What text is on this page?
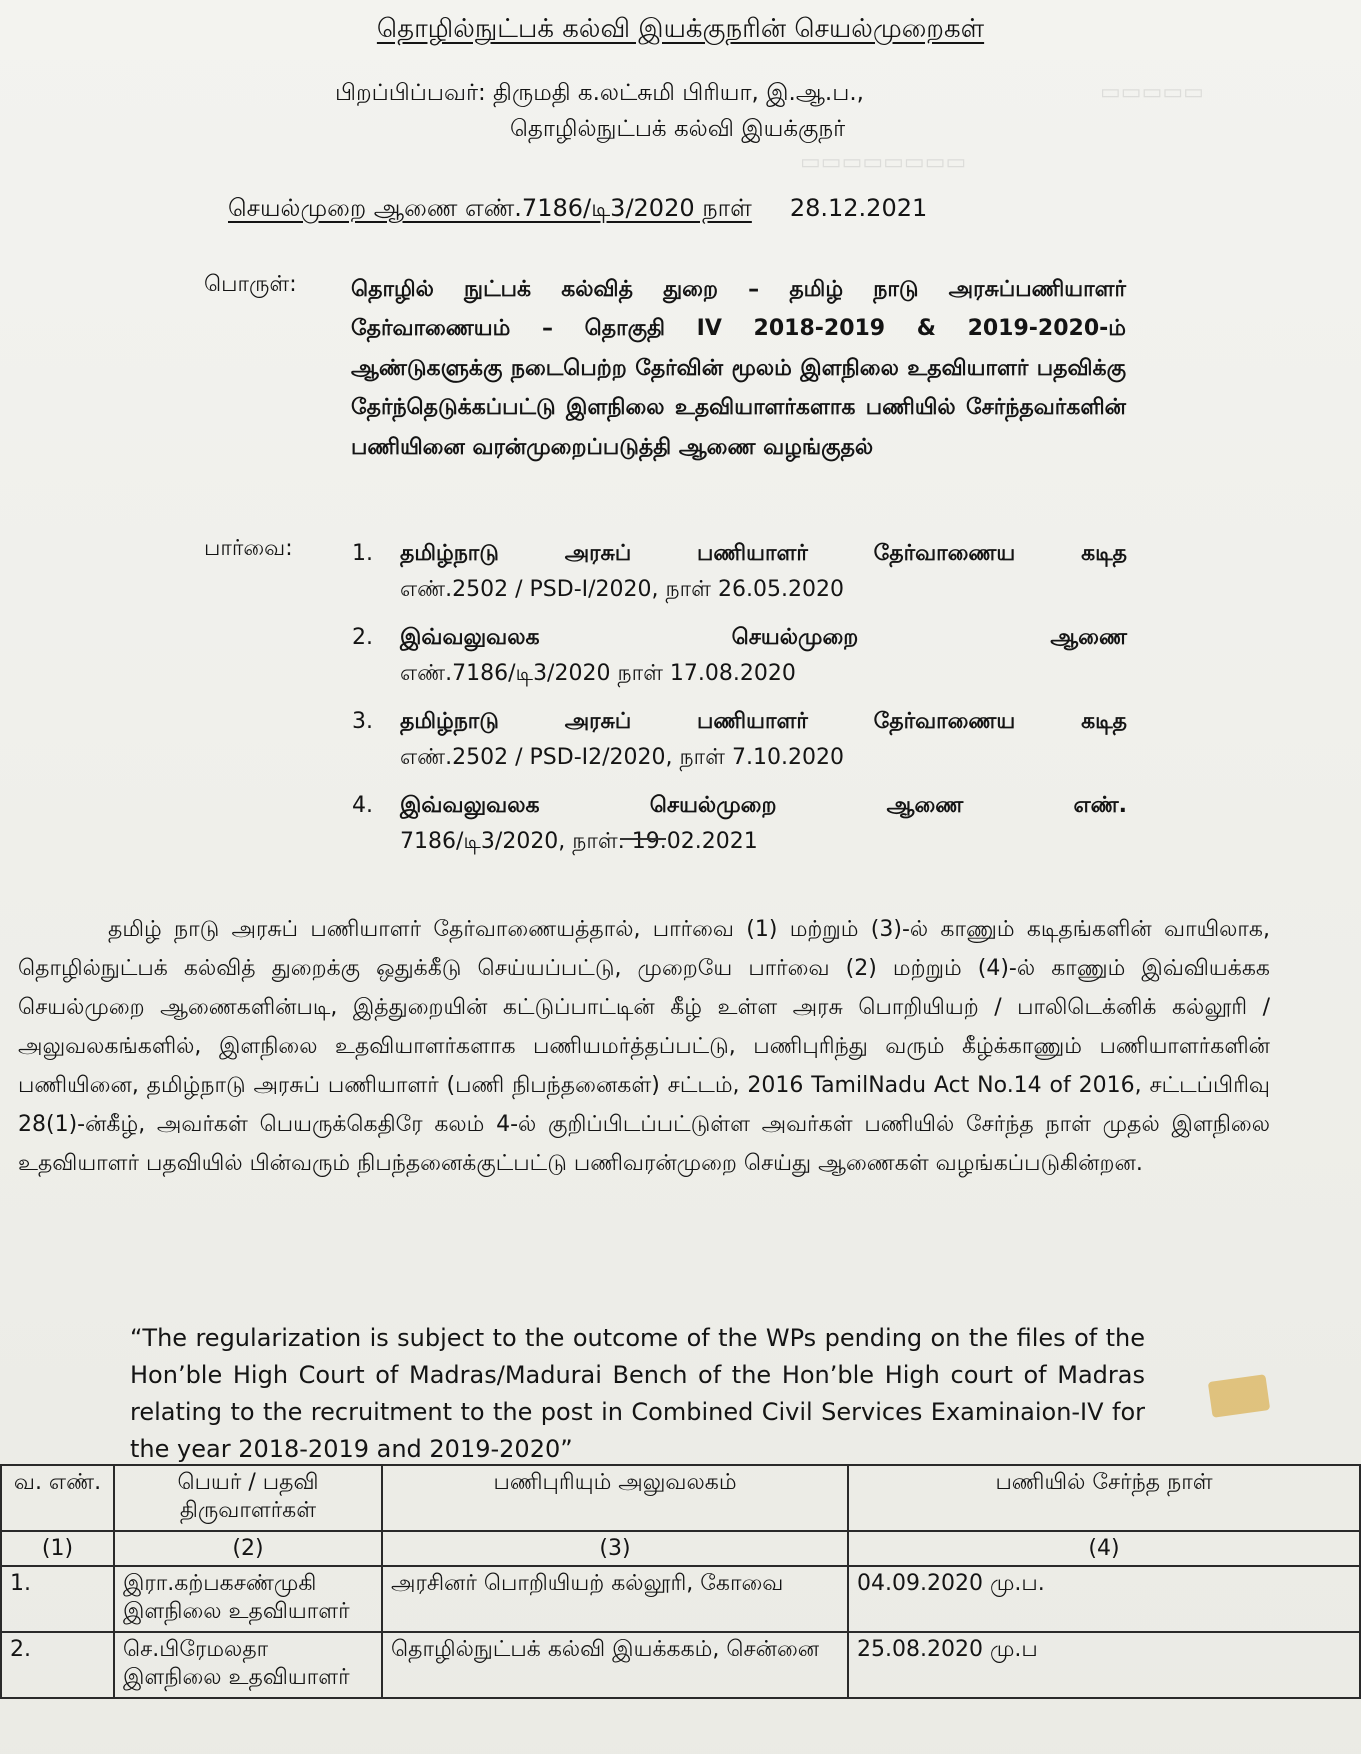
▭▭▭▭▭
▭▭▭▭▭▭▭▭
தொழில்நுட்பக் கல்வி இயக்குநரின் செயல்முறைகள்
பிறப்பிப்பவர்: திருமதி க.லட்சுமி பிரியா, இ.ஆ.ப.,
தொழில்நுட்பக் கல்வி இயக்குநர்
செயல்முறை ஆணை எண்.7186/டி3/2020 நாள் 28.12.2021
பொருள்: தொழில் நுட்பக் கல்வித் துறை – தமிழ் நாடு அரசுப்பணியாளர் தேர்வாணையம் – தொகுதி IV 2018-2019 & 2019-2020-ம் ஆண்டுகளுக்கு நடைபெற்ற தேர்வின் மூலம் இளநிலை உதவியாளர் பதவிக்கு தேர்ந்தெடுக்கப்பட்டு இளநிலை உதவியாளர்களாக பணியில் சேர்ந்தவர்களின் பணியினை வரன்முறைப்படுத்தி ஆணை வழங்குதல்
பார்வை:	1. தமிழ்நாடு	அரசுப்	பணியாளர்	தேர்வாணைய	கடித
எண்.2502 / PSD-I/2020, நாள் 26.05.2020
2. இவ்வலுவலக	செயல்முறை	ஆணை
எண்.7186/டி3/2020 நாள் 17.08.2020
3. தமிழ்நாடு	அரசுப்	பணியாளர்	தேர்வாணைய	கடித
எண்.2502 / PSD-I2/2020, நாள் 7.10.2020
4. இவ்வலுவலக	செயல்முறை	ஆணை	எண்.
7186/டி3/2020, நாள். 19.02.2021
தமிழ் நாடு அரசுப் பணியாளர் தேர்வாணையத்தால், பார்வை (1) மற்றும் (3)-ல் காணும் கடிதங்களின் வாயிலாக, தொழில்நுட்பக் கல்வித் துறைக்கு ஒதுக்கீடு செய்யப்பட்டு, முறையே பார்வை (2) மற்றும் (4)-ல் காணும் இவ்வியக்கக செயல்முறை ஆணைகளின்படி, இத்துறையின் கட்டுப்பாட்டின் கீழ் உள்ள அரசு பொறியியற் / பாலிடெக்னிக் கல்லூரி / அலுவலகங்களில், இளநிலை உதவியாளர்களாக பணியமர்த்தப்பட்டு, பணிபுரிந்து வரும் கீழ்க்காணும் பணியாளர்களின் பணியினை, தமிழ்நாடு அரசுப் பணியாளர் (பணி நிபந்தனைகள்) சட்டம், 2016 TamilNadu Act No.14 of 2016, சட்டப்பிரிவு 28(1)-ன்கீழ், அவர்கள் பெயருக்கெதிரே கலம் 4-ல் குறிப்பிடப்பட்டுள்ள அவர்கள் பணியில் சேர்ந்த நாள் முதல் இளநிலை உதவியாளர் பதவியில் பின்வரும் நிபந்தனைக்குட்பட்டு பணிவரன்முறை செய்து ஆணைகள் வழங்கப்படுகின்றன.
“The regularization is subject to the outcome of the WPs pending on the files of the Hon’ble High Court of Madras/Madurai Bench of the Hon’ble High court of Madras relating to the recruitment to the post in Combined Civil Services Examinaion-IV for the year 2018-2019 and 2019-2020”
வ. எண்.	பெயர் / பதவி திருவாளர்கள்	பணிபுரியும் அலுவலகம்	பணியில் சேர்ந்த நாள்
(1)	(2)	(3)	(4)
1.	இரா.கற்பகசண்முகி
இளநிலை உதவியாளர்	அரசினர் பொறியியற் கல்லூரி, கோவை	04.09.2020 மு.ப.
2.	செ.பிரேமலதா
இளநிலை உதவியாளர்	தொழில்நுட்பக் கல்வி இயக்ககம், சென்னை	25.08.2020 மு.ப
